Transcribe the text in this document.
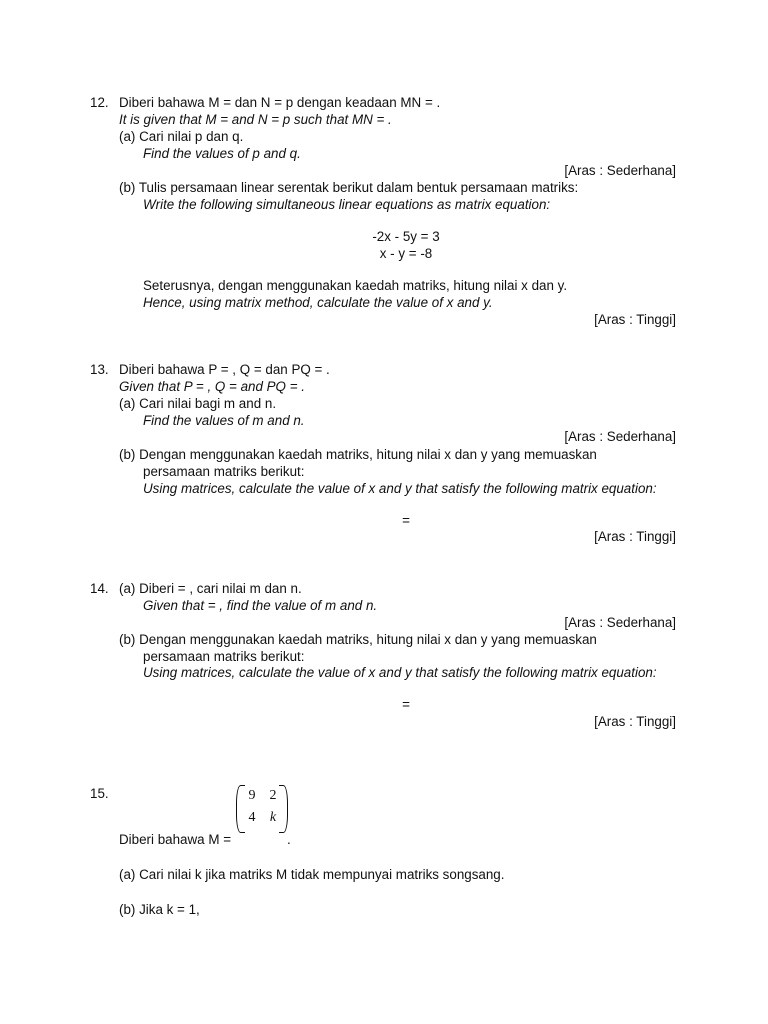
12. Diberi bahawa M = dan N = p dengan keadaan MN = .
It is given that M = and N = p such that MN = .
(a) Cari nilai p dan q.
Find the values of p and q.
[Aras : Sederhana]
(b) Tulis persamaan linear serentak berikut dalam bentuk persamaan matriks:
Write the following simultaneous linear equations as matrix equation:
-2x - 5y = 3
x - y = -8
Seterusnya, dengan menggunakan kaedah matriks, hitung nilai x dan y.
Hence, using matrix method, calculate the value of x and y.
[Aras : Tinggi]
13. Diberi bahawa P = , Q = dan PQ = .
Given that P = , Q = and PQ = .
(a) Cari nilai bagi m and n.
Find the values of m and n.
[Aras : Sederhana]
(b) Dengan menggunakan kaedah matriks, hitung nilai x dan y yang memuaskan
persamaan matriks berikut:
Using matrices, calculate the value of x and y that satisfy the following matrix equation:
=
[Aras : Tinggi]
14. (a) Diberi = , cari nilai m dan n.
Given that = , find the value of m and n.
[Aras : Sederhana]
(b) Dengan menggunakan kaedah matriks, hitung nilai x dan y yang memuaskan
persamaan matriks berikut:
Using matrices, calculate the value of x and y that satisfy the following matrix equation:
=
[Aras : Tinggi]
15.	9 2
4 k
Diberi bahawa M =	.
(a) Cari nilai k jika matriks M tidak mempunyai matriks songsang.
(b) Jika k = 1,
